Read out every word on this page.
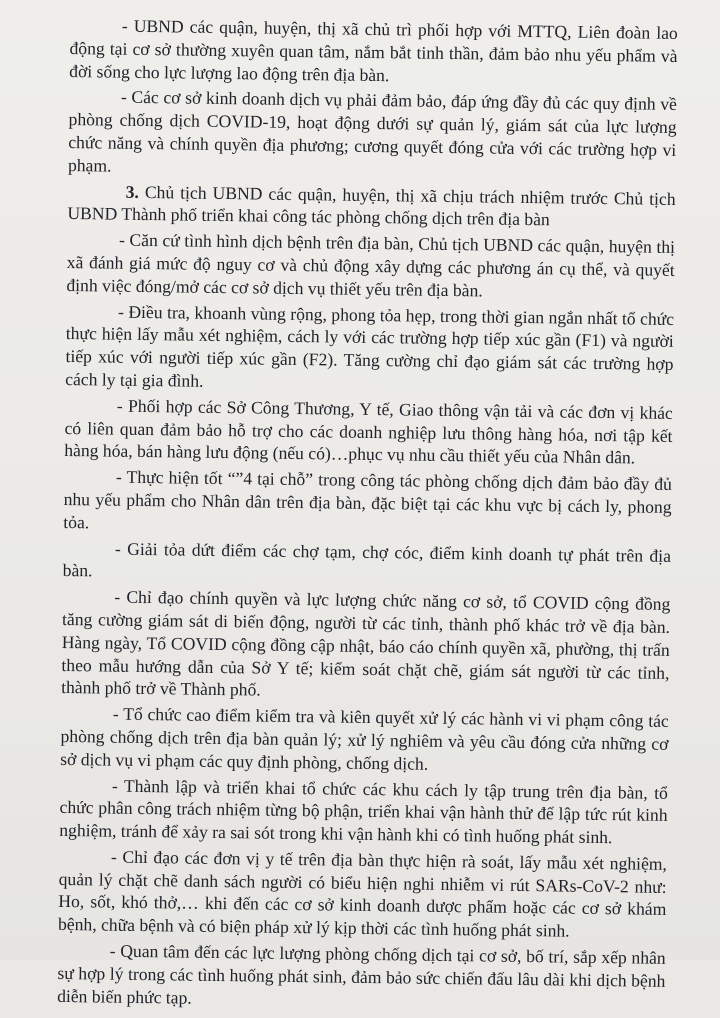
- UBND các quận, huyện, thị xã chủ trì phối hợp với MTTQ, Liên đoàn lao động tại cơ sở thường xuyên quan tâm, nắm bắt tinh thần, đảm bảo nhu yếu phẩm và đời sống cho lực lượng lao động trên địa bàn.

- Các cơ sở kinh doanh dịch vụ phải đảm bảo, đáp ứng đầy đủ các quy định về phòng chống dịch COVID-19, hoạt động dưới sự quản lý, giám sát của lực lượng chức năng và chính quyền địa phương; cương quyết đóng cửa với các trường hợp vi phạm.

3. Chủ tịch UBND các quận, huyện, thị xã chịu trách nhiệm trước Chủ tịch UBND Thành phố triển khai công tác phòng chống dịch trên địa bàn

- Căn cứ tình hình dịch bệnh trên địa bàn, Chủ tịch UBND các quận, huyện thị xã đánh giá mức độ nguy cơ và chủ động xây dựng các phương án cụ thể, và quyết định việc đóng/mở các cơ sở dịch vụ thiết yếu trên địa bàn.

- Điều tra, khoanh vùng rộng, phong tỏa hẹp, trong thời gian ngắn nhất tổ chức thực hiện lấy mẫu xét nghiệm, cách ly với các trường hợp tiếp xúc gần (F1) và người tiếp xúc với người tiếp xúc gần (F2). Tăng cường chỉ đạo giám sát các trường hợp cách ly tại gia đình.

- Phối hợp các Sở Công Thương, Y tế, Giao thông vận tải và các đơn vị khác có liên quan đảm bảo hỗ trợ cho các doanh nghiệp lưu thông hàng hóa, nơi tập kết hàng hóa, bán hàng lưu động (nếu có)…phục vụ nhu cầu thiết yếu của Nhân dân.

- Thực hiện tốt “”4 tại chỗ” trong công tác phòng chống dịch đảm bảo đầy đủ nhu yếu phẩm cho Nhân dân trên địa bàn, đặc biệt tại các khu vực bị cách ly, phong tỏa.

- Giải tỏa dứt điểm các chợ tạm, chợ cóc, điểm kinh doanh tự phát trên địa bàn.

- Chỉ đạo chính quyền và lực lượng chức năng cơ sở, tổ COVID cộng đồng tăng cường giám sát di biến động, người từ các tỉnh, thành phố khác trở về địa bàn. Hàng ngày, Tổ COVID cộng đồng cập nhật, báo cáo chính quyền xã, phường, thị trấn theo mẫu hướng dẫn của Sở Y tế; kiểm soát chặt chẽ, giám sát người từ các tỉnh, thành phố trở về Thành phố.

- Tổ chức cao điểm kiểm tra và kiên quyết xử lý các hành vi vi phạm công tác phòng chống dịch trên địa bàn quản lý; xử lý nghiêm và yêu cầu đóng cửa những cơ sở dịch vụ vi phạm các quy định phòng, chống dịch.

- Thành lập và triển khai tổ chức các khu cách ly tập trung trên địa bàn, tổ chức phân công trách nhiệm từng bộ phận, triển khai vận hành thử để lập tức rút kinh nghiệm, tránh để xảy ra sai sót trong khi vận hành khi có tình huống phát sinh.

- Chỉ đạo các đơn vị y tế trên địa bàn thực hiện rà soát, lấy mẫu xét nghiệm, quản lý chặt chẽ danh sách người có biểu hiện nghi nhiễm vi rút SARs-CoV-2 như: Ho, sốt, khó thở,… khi đến các cơ sở kinh doanh dược phẩm hoặc các cơ sở khám bệnh, chữa bệnh và có biện pháp xử lý kịp thời các tình huống phát sinh.

- Quan tâm đến các lực lượng phòng chống dịch tại cơ sở, bố trí, sắp xếp nhân sự hợp lý trong các tình huống phát sinh, đảm bảo sức chiến đấu lâu dài khi dịch bệnh diễn biến phức tạp.
